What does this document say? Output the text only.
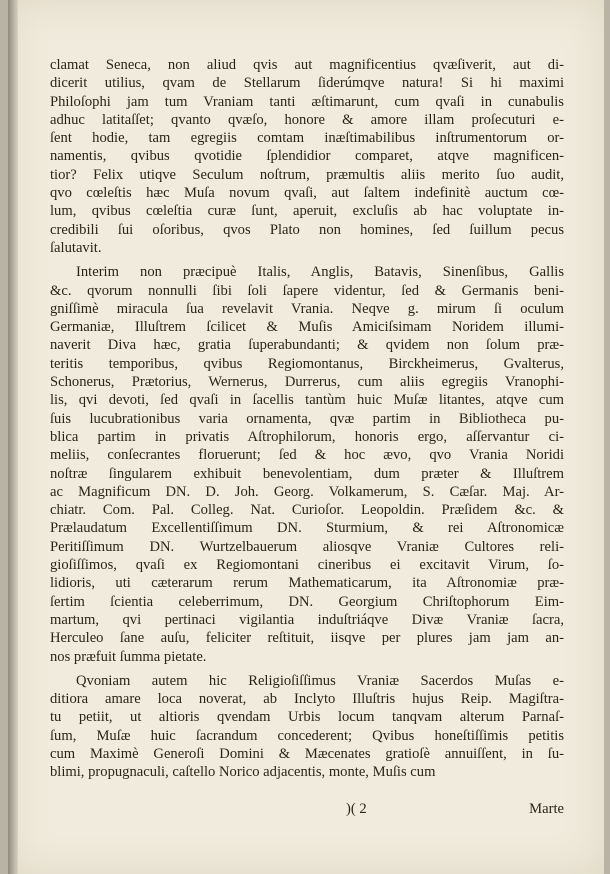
clamat Seneca, non aliud qvis aut magnificentius qvæſiverit, aut di-
dicerit utilius, qvam de Stellarum ſiderúmqve natura! Si hi maximi
Philoſophi jam tum Vraniam tanti æſtimarunt, cum qvaſi in cunabulis
adhuc latitaſſet; qvanto qvæſo, honore & amore illam proſecuturi e-
ſent hodie, tam egregiis comtam inæſtimabilibus inſtrumentorum or-
namentis, qvibus qvotidie ſplendidior comparet, atqve magnificen-
tior? Felix utiqve Seculum noſtrum, præmultis aliis merito ſuo audit,
qvo cœleſtis hæc Muſa novum qvaſi, aut ſaltem indefinitè auctum cœ-
lum, qvibus cœleſtia curæ ſunt, aperuit, excluſis ab hac voluptate in-
credibili ſui oſoribus, qvos Plato non homines, ſed ſuillum pecus
ſalutavit.
Interim non præcipuè Italis, Anglis, Batavis, Sinenſibus, Gallis
&c. qvorum nonnulli ſibi ſoli ſapere videntur, ſed & Germanis beni-
gniſſimè miracula ſua revelavit Vrania. Neqve g. mirum ſi oculum
Germaniæ, Illuſtrem ſcilicet & Muſis Amiciſsimam Noridem illumi-
naverit Diva hæc, gratia ſuperabundanti; & qvidem non ſolum præ-
teritis temporibus, qvibus Regiomontanus, Birckheimerus, Gvalterus,
Schonerus, Prætorius, Wernerus, Durrerus, cum aliis egregiis Vranophi-
lis, qvi devoti, ſed qvaſi in ſacellis tantùm huic Muſæ litantes, atqve cum
ſuis lucubrationibus varia ornamenta, qvæ partim in Bibliotheca pu-
blica partim in privatis Aſtrophilorum, honoris ergo, aſſervantur ci-
meliis, conſecrantes floruerunt; ſed & hoc ævo, qvo Vrania Noridi
noſtræ ſingularem exhibuit benevolentiam, dum præter & Illuſtrem
ac Magnificum DN. D. Joh. Georg. Volkamerum, S. Cæſar. Maj. Ar-
chiatr. Com. Pal. Colleg. Nat. Curioſor. Leopoldin. Præſidem &c. &
Prælaudatum Excellentiſſimum DN. Sturmium, & rei Aſtronomicæ
Peritiſſimum DN. Wurtzelbauerum aliosqve Vraniæ Cultores reli-
gioſiſſimos, qvaſi ex Regiomontani cineribus ei excitavit Virum, ſo-
lidioris, uti cæterarum rerum Mathematicarum, ita Aſtronomiæ præ-
ſertim ſcientia celeberrimum, DN. Georgium Chriſtophorum Eim-
martum, qvi pertinaci vigilantia induſtriáqve Divæ Vraniæ ſacra,
Herculeo ſane auſu, feliciter reſtituit, iisqve per plures jam jam an-
nos præfuit ſumma pietate.
Qvoniam autem hic Religioſiſſimus Vraniæ Sacerdos Muſas e-
ditiora amare loca noverat, ab Inclyto Illuſtris hujus Reip. Magiſtra-
tu petiit, ut altioris qvendam Urbis locum tanqvam alterum Parnaſ-
ſum, Muſæ huic ſacrandum concederent; Qvibus honeſtiſſimis petitis
cum Maximè Generoſi Domini & Mæcenates gratioſè annuiſſent, in ſu-
blimi, propugnaculi, caſtello Norico adjacentis, monte, Muſis cum
)( 2	Marte
